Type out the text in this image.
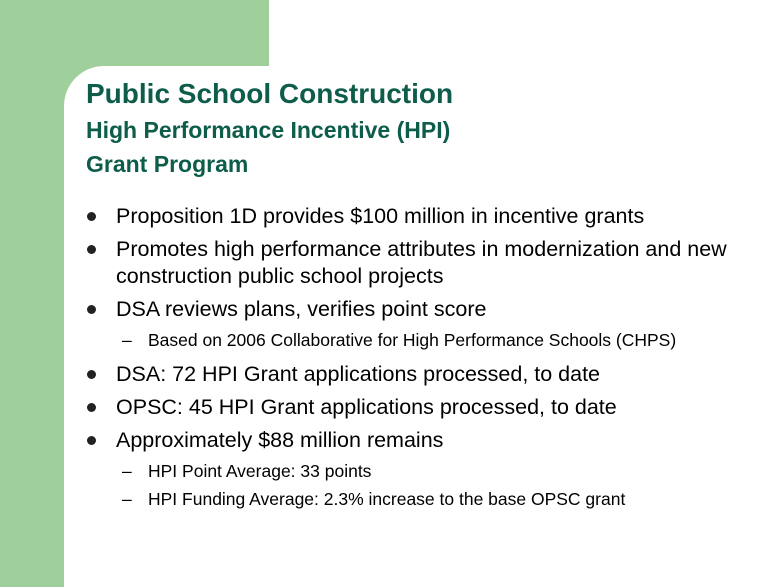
Public School Construction
High Performance Incentive (HPI)
Grant Program
Proposition 1D provides $100 million in incentive grants
Promotes high performance attributes in modernization and new construction public school projects
DSA reviews plans, verifies point score
– Based on 2006 Collaborative for High Performance Schools (CHPS)
DSA: 72 HPI Grant applications processed, to date
OPSC: 45 HPI Grant applications processed, to date
Approximately $88 million remains
– HPI Point Average: 33 points
– HPI Funding Average: 2.3% increase to the base OPSC grant
